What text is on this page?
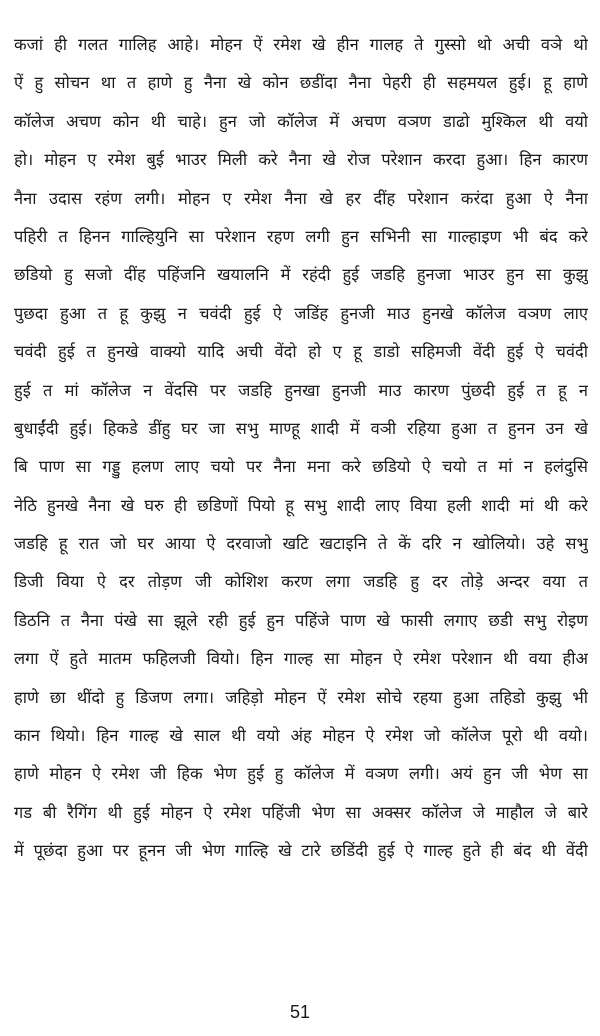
कजां ही गलत गालिह आहे। मोहन ऐं रमेश खे हीन गालह ते गुस्सो थो अची वञे थो
ऐं हु सोचन था त हाणे हु नैना खे कोन छडींदा नैना पेहरी ही सहमयल हुई। हू हाणे
कॉलेज अचण कोन थी चाहे। हुन जो कॉलेज में अचण वञण डाढो मुश्किल थी वयो
हो। मोहन ए रमेश बुई भाउर मिली करे नैना खे रोज परेशान करदा हुआ। हिन कारण
नैना उदास रहंण लगी। मोहन ए रमेश नैना खे हर दींह परेशान करंदा हुआ ऐ नैना
पहिरी त हिनन गाल्हियुनि सा परेशान रहण लगी हुन सभिनी सा गाल्हाइण भी बंद करे
छडियो हु सजो दींह पहिंजनि खयालनि में रहंदी हुई जडहि हुनजा भाउर हुन सा कुझु
पुछदा हुआ त हू कुझु न चवंदी हुई ऐ जडिंह हुनजी माउ हुनखे कॉलेज वञण लाए
चवंदी हुई त हुनखे वाक्यो यादि अची वेंदो हो ए हू डाडो सहिमजी वेंदी हुई ऐ चवंदी
हुई त मां कॉलेज न वेंदसि पर जडहि हुनखा हुनजी माउ कारण पुंछदी हुई त हू न
बुधाईंदी हुई। हिकडे डींहु घर जा सभु माण्हू शादी में वञी रहिया हुआ त हुनन उन खे
बि पाण सा गड्डु हलण लाए चयो पर नैना मना करे छडियो ऐ चयो त मां न हलंदुसि
नेठि हुनखे नैना खे घरु ही छडिणों पियो हू सभु शादी लाए विया हली शादी मां थी करे
जडहि हू रात जो घर आया ऐ दरवाजो खटि खटाइनि ते कें दरि न खोलियो। उहे सभु
डिजी विया ऐ दर तोड़ण जी कोशिश करण लगा जडहि हु दर तोड़े अन्दर वया त
डिठनि त नैना पंखे सा झूले रही हुई हुन पहिंजे पाण खे फासी लगाए छडी सभु रोइण
लगा ऐं हुते मातम फहिलजी वियो। हिन गाल्ह सा मोहन ऐ रमेश परेशान थी वया हीअ
हाणे छा थींदो हु डिजण लगा। जहिड़ो मोहन ऐं रमेश सोचे रहया हुआ तहिडो कुझु भी
कान थियो। हिन गाल्ह खे साल थी वयो अंह मोहन ऐ रमेश जो कॉलेज पूरो थी वयो।
हाणे मोहन ऐ रमेश जी हिक भेण हुई हु कॉलेज में वञण लगी। अयं हुन जी भेण सा
गड बी रैगिंग थी हुई मोहन ऐ रमेश पहिंजी भेण सा अक्सर कॉलेज जे माहौल जे बारे
में पूछंदा हुआ पर हूनन जी भेण गाल्हि खे टारे छडिंदी हुई ऐ गाल्ह हुते ही बंद थी वेंदी
51
